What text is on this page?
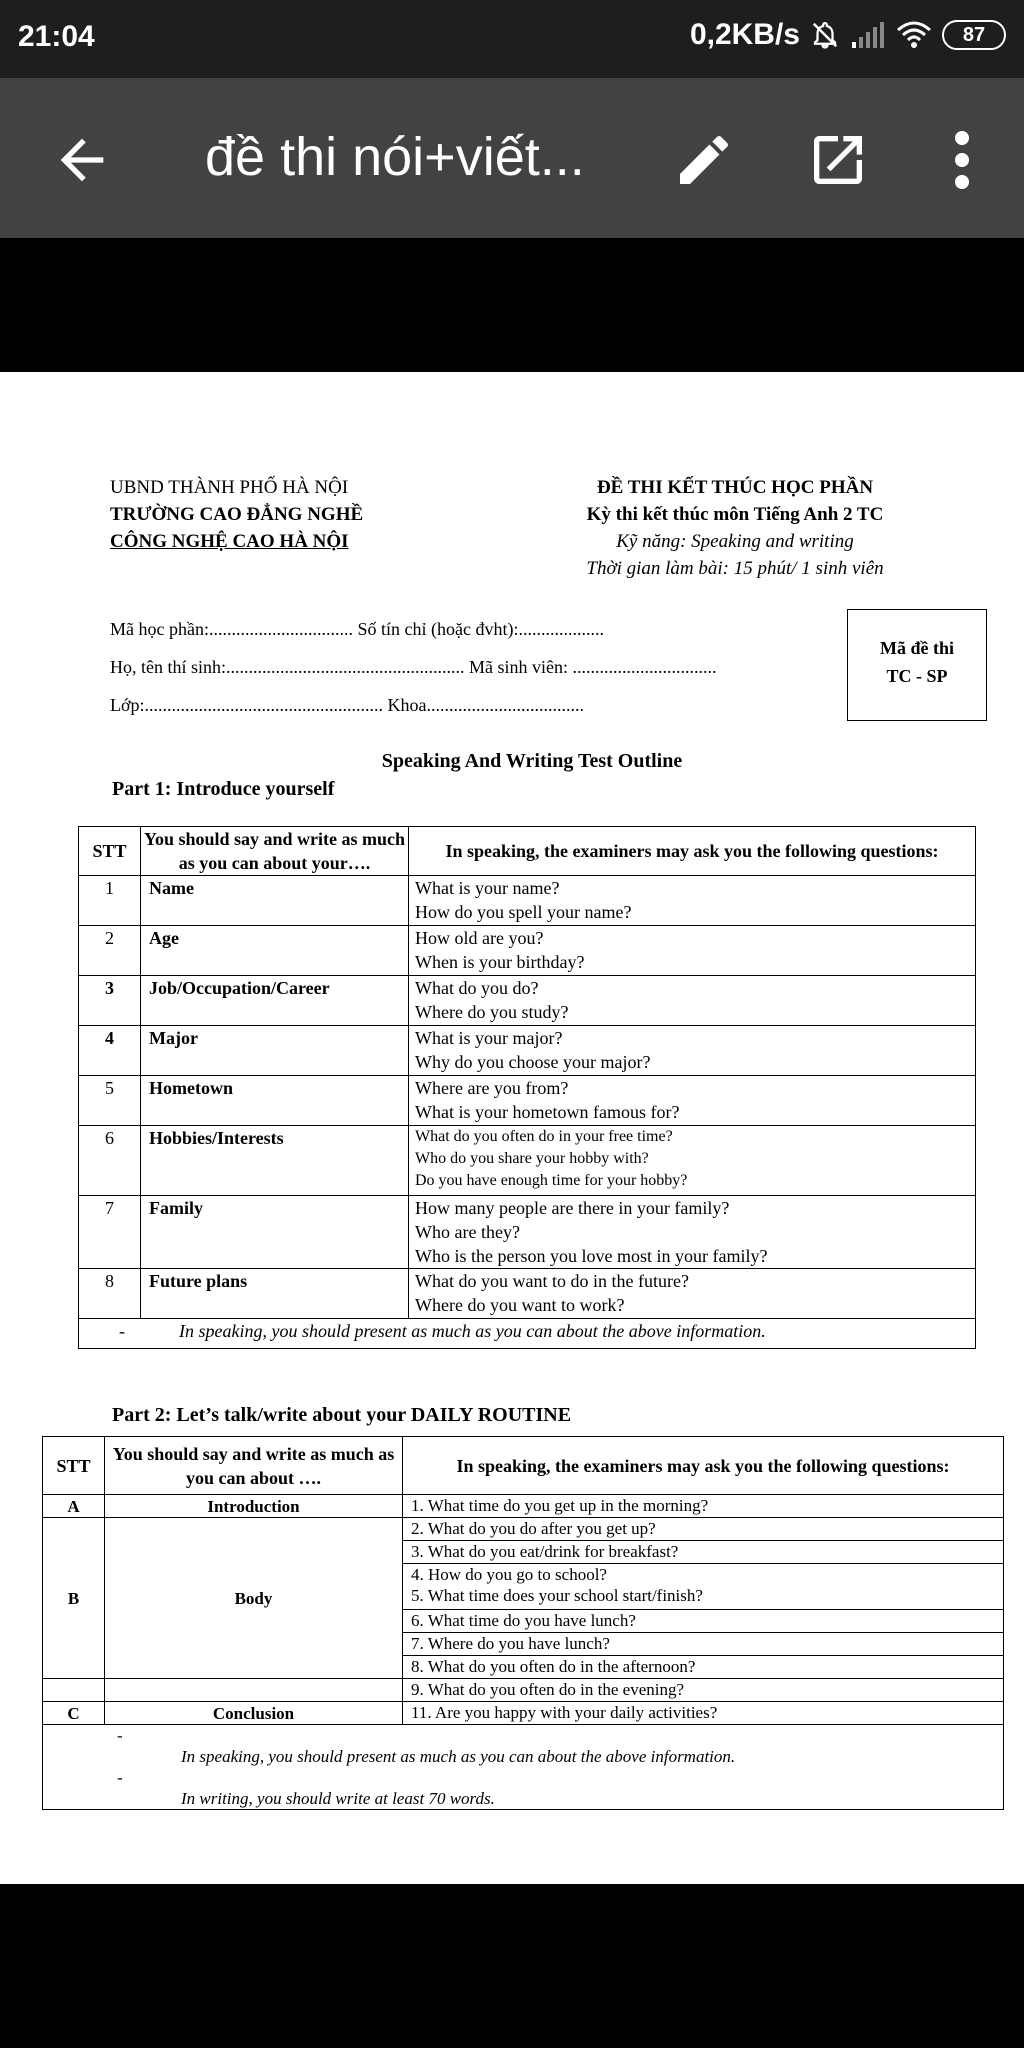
21:04	0,2KB/s	87
đề thi nói+viết...
UBND THÀNH PHỐ HÀ NỘI
TRƯỜNG CAO ĐẲNG NGHỀ
CÔNG NGHỆ CAO HÀ NỘI
ĐỀ THI KẾT THÚC HỌC PHẦN
Kỳ thi kết thúc môn Tiếng Anh 2 TC
Kỹ năng: Speaking and writing
Thời gian làm bài: 15 phút/ 1 sinh viên
Mã học phần:................................ Số tín chỉ (hoặc đvht):...................
Họ, tên thí sinh:..................................................... Mã sinh viên: ................................
Lớp:..................................................... Khoa...................................
Mã đề thi
TC - SP
Speaking And Writing Test Outline
Part 1: Introduce yourself
STT	You should say and write as much as you can about your….	In speaking, the examiners may ask you the following questions:
1	Name	What is your name?
How do you spell your name?

2	Age	How old are you?
When is your birthday?

3	Job/Occupation/Career	What do you do?
Where do you study?

4	Major	What is your major?
Why do you choose your major?

5	Hometown	Where are you from?
What is your hometown famous for?

6	Hobbies/Interests	What do you often do in your free time?
Who do you share your hobby with?
Do you have enough time for your hobby?

7	Family	How many people are there in your family?
Who are they?
Who is the person you love most in your family?

8	Future plans	What do you want to do in the future?
Where do you want to work?

- In speaking, you should present as much as you can about the above information.		
Part 2: Let’s talk/write about your DAILY ROUTINE
STT	You should say and write as much as you can about ….	In speaking, the examiners may ask you the following questions:
A	Introduction	1. What time do you get up in the morning?
B	Body	2. What do you do after you get up?
		3. What do you eat/drink for breakfast?

		4. How do you go to school?
5. What time does your school start/finish?

		6. What time do you have lunch?
		7. Where do you have lunch?
		8. What do you often do in the afternoon?
		9. What do you often do in the evening?
C	Conclusion	11. Are you happy with your daily activities?

-
In speaking, you should present as much as you can about the above information.
-
In writing, you should write at least 70 words.		
